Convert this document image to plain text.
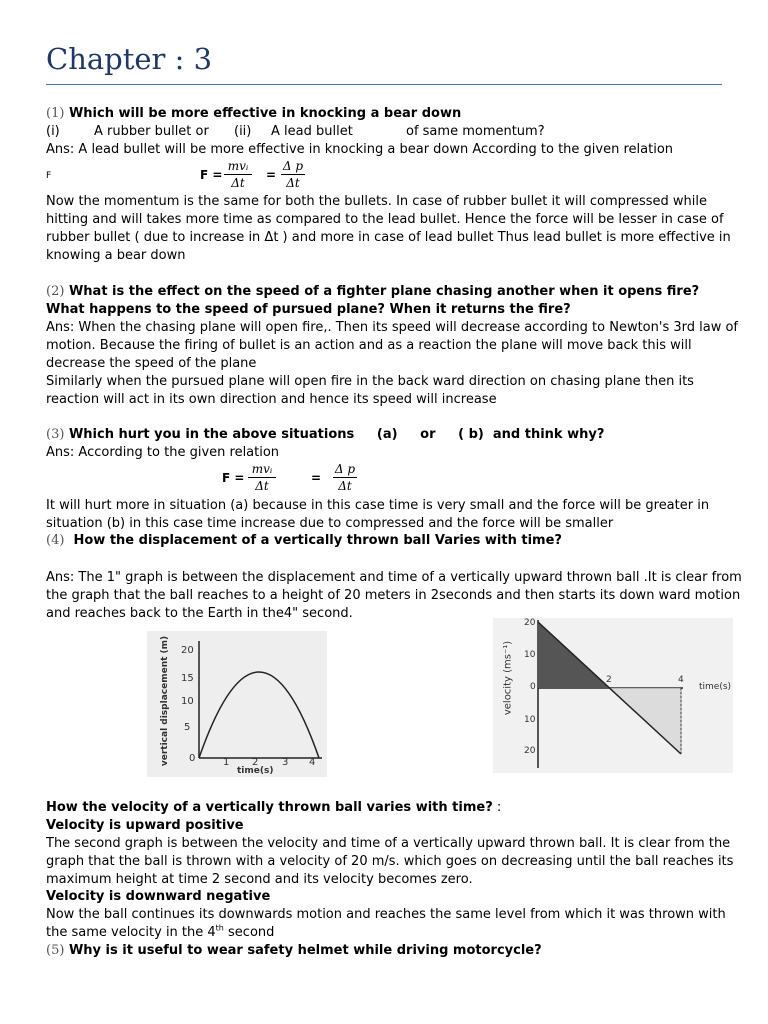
Chapter : 3
(1) Which will be more effective in knocking a bear down
(i)	A rubber bullet or (ii) A lead bullet	of same momentum?
Ans: A lead bullet will be more effective in knocking a bear down According to the given relation
F	F =
mvᵢ
Δt
=
Δ p
Δt
Now the momentum is the same for both the bullets. In case of rubber bullet it will compressed while
hitting and will takes more time as compared to the lead bullet. Hence the force will be lesser in case of
rubber bullet ( due to increase in Δt ) and more in case of lead bullet Thus lead bullet is more effective in
knowing a bear down
(2) What is the effect on the speed of a fighter plane chasing another when it opens fire?
What happens to the speed of pursued plane? When it returns the fire?
Ans: When the chasing plane will open fire,. Then its speed will decrease according to Newton's 3rd law of
motion. Because the firing of bullet is an action and as a reaction the plane will move back this will
decrease the speed of the plane
Similarly when the pursued plane will open fire in the back ward direction on chasing plane then its
reaction will act in its own direction and hence its speed will increase
(3) Which hurt you in the above situations     (a)     or     ( b)  and think why?
Ans: According to the given relation
F =
mvᵢ
Δt
=
Δ p
Δt
It will hurt more in situation (a) because in this case time is very small and the force will be greater in
situation (b) in this case time increase due to compressed and the force will be smaller
(4) How the displacement of a vertically thrown ball Varies with time?
Ans: The 1" graph is between the displacement and time of a vertically upward thrown ball .It is clear from
the graph that the ball reaches to a height of 20 meters in 2seconds and then starts its down ward motion
and reaches back to the Earth in the4" second.
vertical displacement (m) 20
15
10
5
0	1 2 3 4
time(s)
velocity (ms⁻¹)
20
10
0
10
20
2	4
time(s)
How the velocity of a vertically thrown ball varies with time? :
Velocity is upward positive
The second graph is between the velocity and time of a vertically upward thrown ball. It is clear from the
graph that the ball is thrown with a velocity of 20 m/s. which goes on decreasing until the ball reaches its
maximum height at time 2 second and its velocity becomes zero.
Velocity is downward negative
Now the ball continues its downwards motion and reaches the same level from which it was thrown with
the same velocity in the 4th second
(5) Why is it useful to wear safety helmet while driving motorcycle?
